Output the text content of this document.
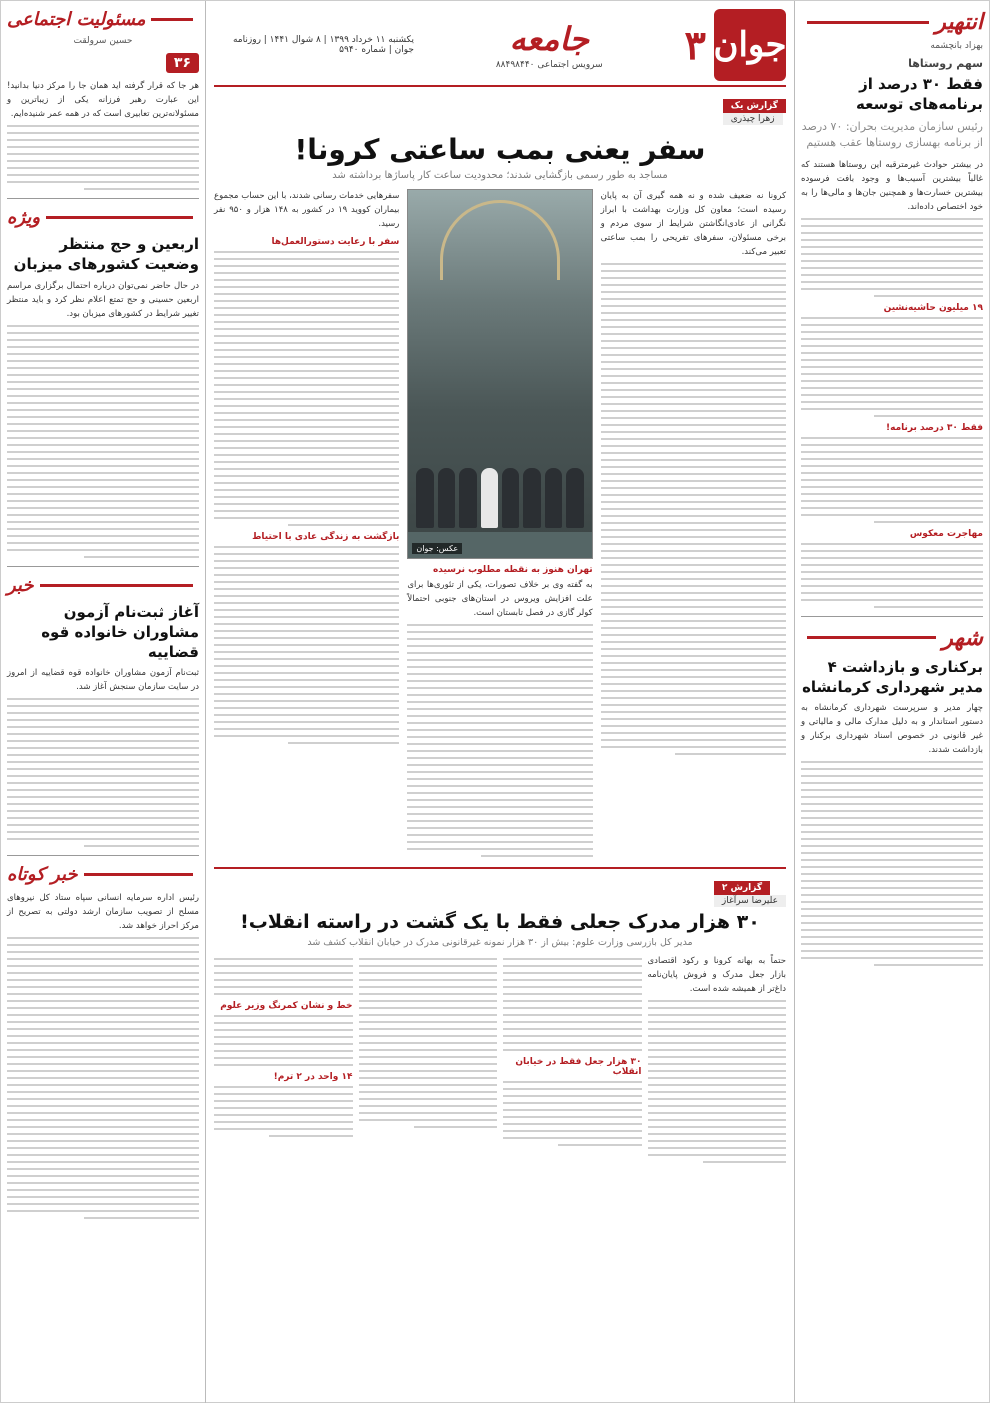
انتهیر
بهزاد بانچشمه
سهم روستاها
فقط ۳۰ درصد از برنامه‌های توسعه
رئیس سازمان مدیریت بحران: ۷۰ درصد از برنامه بهسازی روستاها عقب هستیم
در بیشتر حوادث غیرمترقبه این روستاها هستند که غالباً بیشترین آسیب‌ها و وجود بافت فرسوده بیشترین خسارت‌ها و همچنین جان‌ها و مالی‌ها را به خود اختصاص داده‌اند.
۱۹ میلیون حاشیه‌نشین
فقط ۳۰ درصد برنامه!
مهاجرت معکوس
شهر
برکناری و بازداشت ۴ مدیر شهرداری کرمانشاه
چهار مدیر و سرپرست شهرداری کرمانشاه به دستور استاندار و به دلیل مدارک مالی و مالیاتی و غیر قانونی در خصوص اسناد شهرداری برکنار و بازداشت شدند.
جوان
۳
جامعه
سرویس اجتماعی ۸۸۴۹۸۴۴۰
یکشنبه ۱۱ خرداد ۱۳۹۹ | ۸ شوال ۱۴۴۱ | روزنامه جوان | شماره ۵۹۴۰
گزارش یک
زهرا چیذری
سفر یعنی بمب ساعتی کرونا!
مساجد به طور رسمی بازگشایی شدند؛ محدودیت ساعت کار پاساژها برداشته شد
کرونا نه ضعیف شده و نه همه گیری آن به پایان رسیده است؛ معاون کل وزارت بهداشت با ابراز نگرانی از عادی‌انگاشتن شرایط از سوی مردم و برخی مسئولان، سفرهای تفریحی را بمب ساعتی تعبیر می‌کند.
عکس: جوان
تهران هنوز به نقطه مطلوب نرسیده
به گفته وی بر خلاف تصورات، یکی از تئوری‌ها برای علت افزایش ویروس در استان‌های جنوبی احتمالاً کولر گازی در فصل تابستان است.
سفرهایی خدمات رسانی شدند، با این حساب مجموع بیماران کووید ۱۹ در کشور به ۱۴۸ هزار و ۹۵۰ نفر رسید.
سفر با رعایت دستورالعمل‌ها
بازگشت به زندگی عادی با احتیاط
گزارش ۲
علیرضا سرآغاز
۳۰ هزار مدرک جعلی فقط با یک گشت در راسته انقلاب!
مدیر کل بازرسی وزارت علوم: بیش از ۳۰ هزار نمونه غیرقانونی مدرک در خیابان انقلاب کشف شد
حتماً به بهانه کرونا و رکود اقتصادی بازار جعل مدرک و فروش پایان‌نامه داغ‌تر از همیشه شده است.
۳۰ هزار جعل فقط در خیابان انقلاب
خط و نشان کمرنگ وزیر علوم
۱۴ واحد در ۲ ترم!
مسئولیت اجتماعی
حسین سرولقت
۳۶
هر جا که قرار گرفته اید همان جا را مرکز دنیا بدانید! این عبارت رهبر فرزانه یکی از زیباترین و مسئولانه‌ترین تعابیری است که در همه عمر شنیده‌ایم.
ویژه
اربعین و حج منتظر وضعیت کشورهای میزبان
در حال حاضر نمی‌توان درباره احتمال برگزاری مراسم اربعین حسینی و حج تمتع اعلام نظر کرد و باید منتظر تغییر شرایط در کشورهای میزبان بود.
خبر
آغاز ثبت‌نام آزمون مشاوران خانواده قوه قضاییه
ثبت‌نام آزمون مشاوران خانواده قوه قضاییه از امروز در سایت سازمان سنجش آغاز شد.
خبر کوتاه
رئیس اداره سرمایه انسانی سپاه ستاد کل نیروهای مسلح از تصویب سازمان ارشد دولتی به تصریح از مرکز احراز خواهد شد.
